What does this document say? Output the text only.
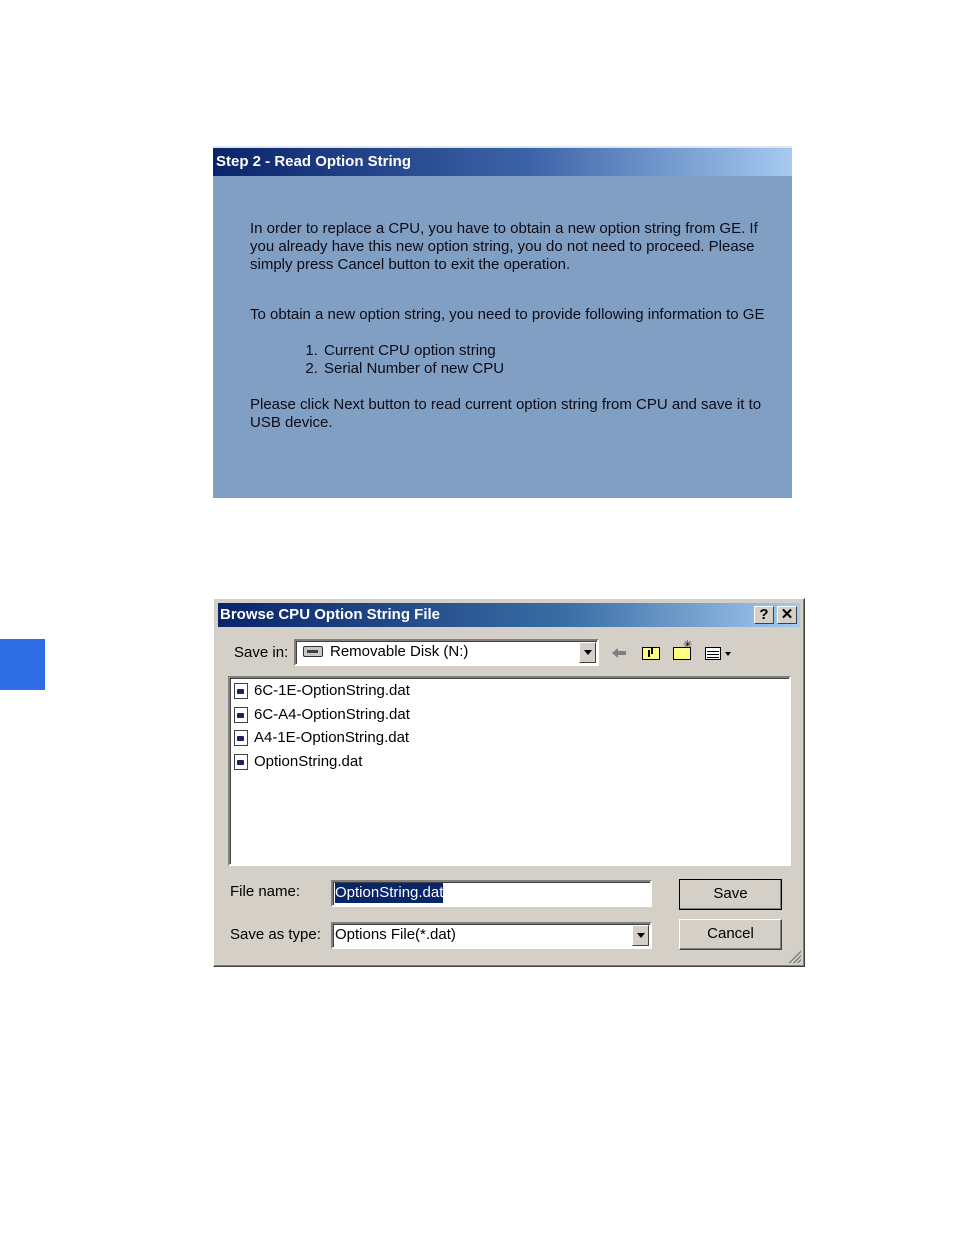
Step 2 - Read Option String

In order to replace a CPU, you have to obtain a new option string from GE. If you already have this new option string, you do not need to proceed. Please simply press Cancel button to exit the operation.

To obtain a new option string, you need to provide following information to GE

1. Current CPU option string
2. Serial Number of new CPU

Please click Next button to read current option string from CPU and save it to USB device.

Browse CPU Option String File	? ✕
Save in:	Removable Disk (N:)
✳
6C-1E-OptionString.dat
6C-A4-OptionString.dat
A4-1E-OptionString.dat
OptionString.dat
File name: OptionString.dat
Save as type: Options File(*.dat)
Save
Cancel
